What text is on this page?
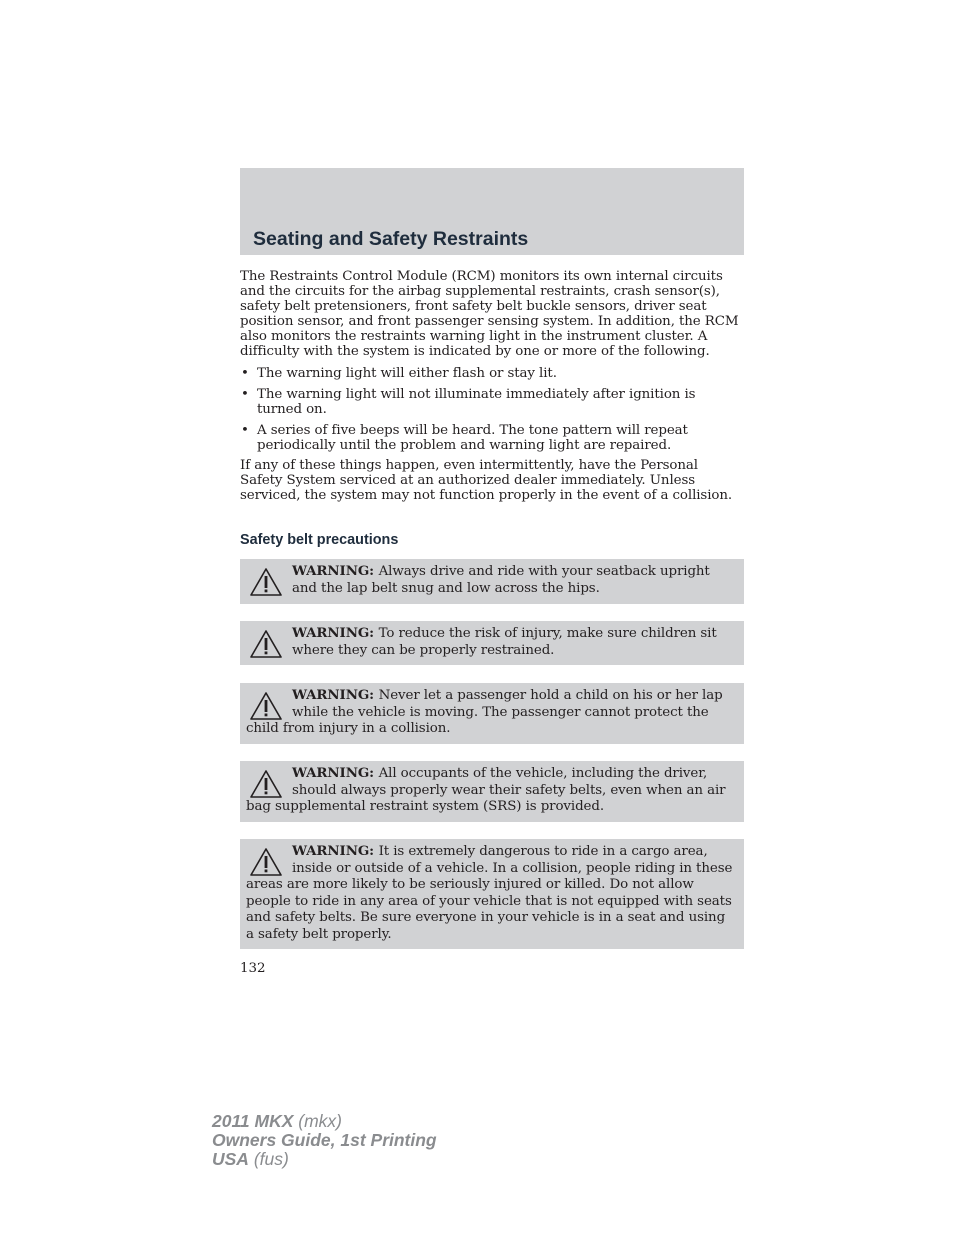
Seating and Safety Restraints
The Restraints Control Module (RCM) monitors its own internal circuits and the circuits for the airbag supplemental restraints, crash sensor(s), safety belt pretensioners, front safety belt buckle sensors, driver seat position sensor, and front passenger sensing system. In addition, the RCM also monitors the restraints warning light in the instrument cluster. A difficulty with the system is indicated by one or more of the following.
• The warning light will either flash or stay lit.
• The warning light will not illuminate immediately after ignition is turned on.
• A series of five beeps will be heard. The tone pattern will repeat periodically until the problem and warning light are repaired.
If any of these things happen, even intermittently, have the Personal Safety System serviced at an authorized dealer immediately. Unless serviced, the system may not function properly in the event of a collision.
Safety belt precautions
WARNING: Always drive and ride with your seatback upright and the lap belt snug and low across the hips.
WARNING: To reduce the risk of injury, make sure children sit where they can be properly restrained.
WARNING: Never let a passenger hold a child on his or her lap while the vehicle is moving. The passenger cannot protect the child from injury in a collision.
WARNING: All occupants of the vehicle, including the driver, should always properly wear their safety belts, even when an air bag supplemental restraint system (SRS) is provided.
WARNING: It is extremely dangerous to ride in a cargo area, inside or outside of a vehicle. In a collision, people riding in these areas are more likely to be seriously injured or killed. Do not allow people to ride in any area of your vehicle that is not equipped with seats and safety belts. Be sure everyone in your vehicle is in a seat and using a safety belt properly.
132
2011 MKX (mkx)
Owners Guide, 1st Printing
USA (fus)
